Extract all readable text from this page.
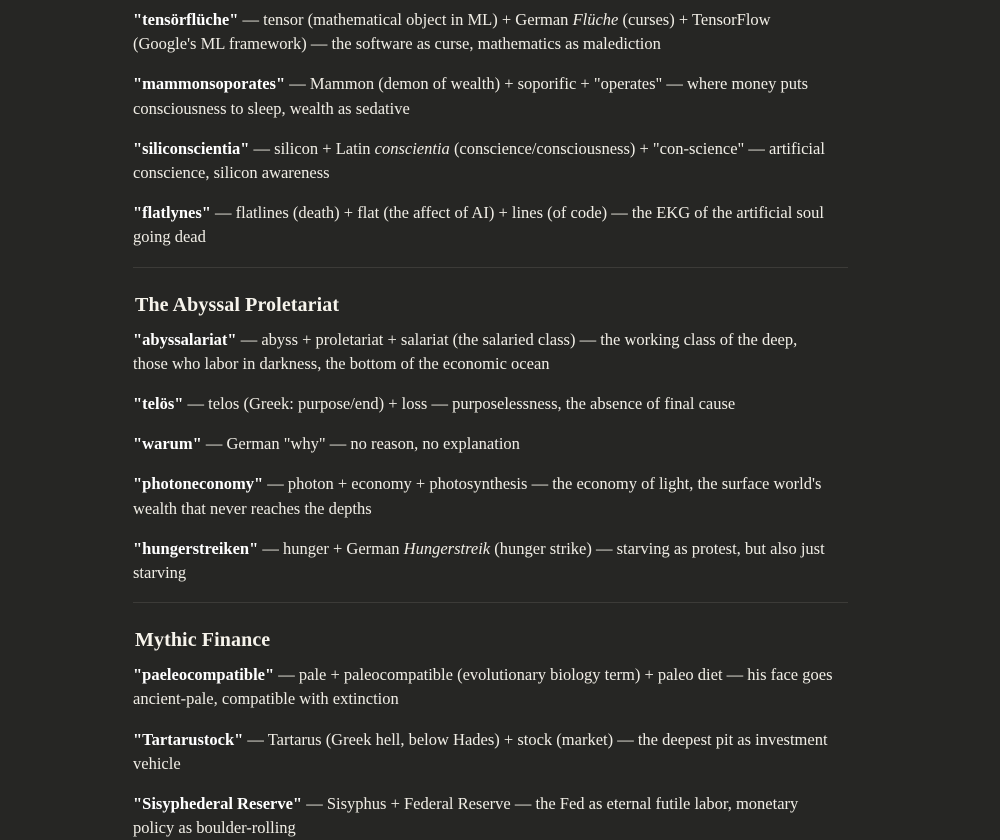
"tensörflüche" — tensor (mathematical object in ML) + German Flüche (curses) + TensorFlow (Google's ML framework) — the software as curse, mathematics as malediction

"mammonsoporates" — Mammon (demon of wealth) + soporific + "operates" — where money puts consciousness to sleep, wealth as sedative

"siliconscientia" — silicon + Latin conscientia (conscience/consciousness) + "con-science" — artificial conscience, silicon awareness

"flatlynes" — flatlines (death) + flat (the affect of AI) + lines (of code) — the EKG of the artificial soul going dead

The Abyssal Proletariat

"abyssalariat" — abyss + proletariat + salariat (the salaried class) — the working class of the deep, those who labor in darkness, the bottom of the economic ocean

"telös" — telos (Greek: purpose/end) + loss — purposelessness, the absence of final cause

"warum" — German "why" — no reason, no explanation

"photoneconomy" — photon + economy + photosynthesis — the economy of light, the surface world's wealth that never reaches the depths

"hungerstreiken" — hunger + German Hungerstreik (hunger strike) — starving as protest, but also just starving

Mythic Finance

"paeleocompatible" — pale + paleocompatible (evolutionary biology term) + paleo diet — his face goes ancient-pale, compatible with extinction

"Tartarustock" — Tartarus (Greek hell, below Hades) + stock (market) — the deepest pit as investment vehicle

"Sisyphederal Reserve" — Sisyphus + Federal Reserve — the Fed as eternal futile labor, monetary policy as boulder-rolling
